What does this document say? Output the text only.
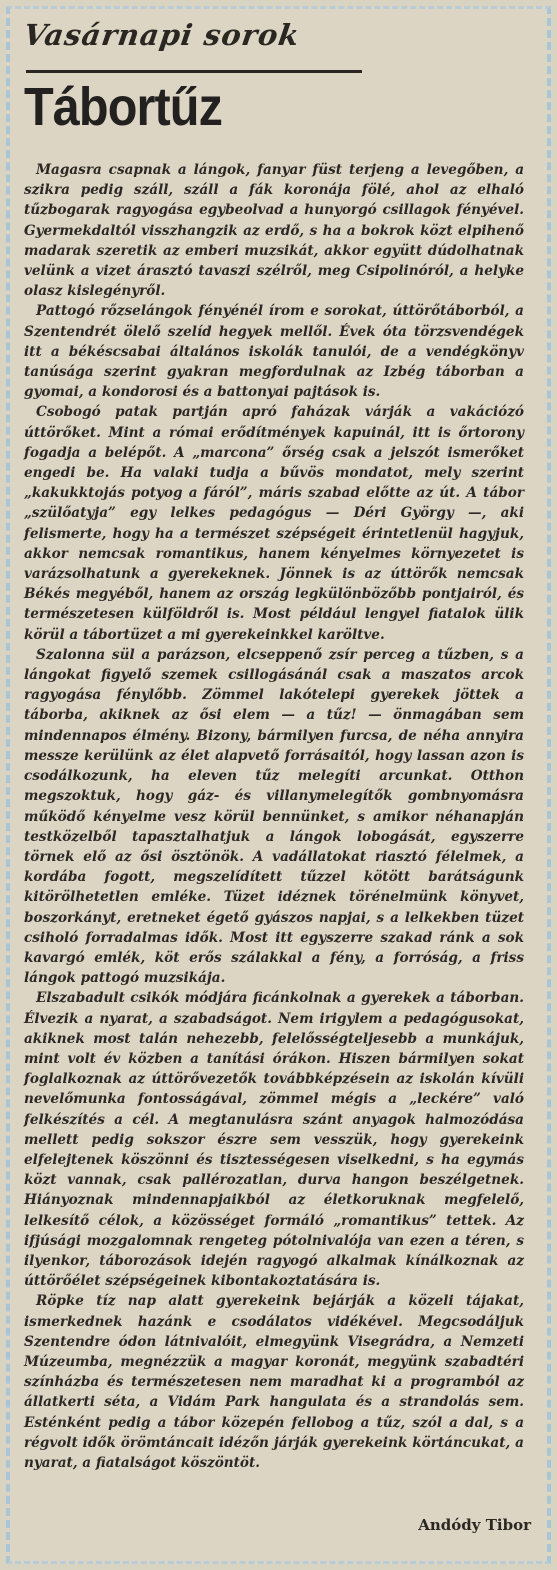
Vasárnapi sorok
Tábortűz

Magasra csapnak a lángok, fanyar füst terjeng a levegőben, a szikra pedig száll, száll a fák koronája fölé, ahol az elhaló tűzbogarak ragyogása egybeolvad a hunyorgó csillagok fényével. Gyermekdaltól visszhangzik az erdő, s ha a bokrok közt elpihenő madarak szeretik az emberi muzsikát, akkor együtt dúdolhatnak velünk a vizet árasztó tavaszi szélről, meg Csipolinóról, a helyke olasz kislegényről.

Pattogó rőzselángok fényénél írom e sorokat, úttörőtáborból, a Szentendrét ölelő szelíd hegyek mellől. Évek óta törzsvendégek itt a békéscsabai általános iskolák tanulói, de a vendégkönyv tanúsága szerint gyakran megfordulnak az Izbég táborban a gyomai, a kondorosi és a battonyai pajtások is.

Csobogó patak partján apró faházak várják a vakációzó úttörőket. Mint a római erődítmények kapuinál, itt is őrtorony fogadja a belépőt. A „marcona” őrség csak a jelszót ismerőket engedi be. Ha valaki tudja a bűvös mondatot, mely szerint „kakukktojás potyog a fáról”, máris szabad előtte az út. A tábor „szülőatyja” egy lelkes pedagógus — Déri György —, aki felismerte, hogy ha a természet szépségeit érintetlenül hagyjuk, akkor nemcsak romantikus, hanem kényelmes környezetet is varázsolhatunk a gyerekeknek. Jönnek is az úttörők nemcsak Békés megyéből, hanem az ország legkülönbözőbb pontjairól, és természetesen külföldről is. Most például lengyel fiatalok ülik körül a tábortüzet a mi gyerekeinkkel karöltve.

Szalonna sül a parázson, elcseppenő zsír perceg a tűzben, s a lángokat figyelő szemek csillogásánál csak a maszatos arcok ragyogása fénylőbb. Zömmel lakótelepi gyerekek jöttek a táborba, akiknek az ősi elem — a tűz! — önmagában sem mindennapos élmény. Bizony, bármilyen furcsa, de néha annyira messze kerülünk az élet alapvető forrásaitól, hogy lassan azon is csodálkozunk, ha eleven tűz melegíti arcunkat. Otthon megszoktuk, hogy gáz- és villanymelegítők gombnyomásra működő kényelme vesz körül bennünket, s amikor néhanapján testközelből tapasztalhatjuk a lángok lobogását, egyszerre törnek elő az ősi ösztönök. A vadállatokat riasztó félelmek, a kordába fogott, megszelídített tűzzel kötött barátságunk kitörölhetetlen emléke. Tüzet idéznek törénelmünk könyvet, boszorkányt, eretneket égető gyászos napjai, s a lelkekben tüzet csiholó forradalmas idők. Most itt egyszerre szakad ránk a sok kavargó emlék, köt erős szálakkal a fény, a forróság, a friss lángok pattogó muzsikája.

Elszabadult csikók módjára ficánkolnak a gyerekek a táborban. Élvezik a nyarat, a szabadságot. Nem irigylem a pedagógusokat, akiknek most talán nehezebb, felelősségteljesebb a munkájuk, mint volt év közben a tanítási órákon. Hiszen bármilyen sokat foglalkoznak az úttörővezetők továbbképzésein az iskolán kívüli nevelőmunka fontosságával, zömmel mégis a „leckére” való felkészítés a cél. A megtanulásra szánt anyagok halmozódása mellett pedig sokszor észre sem vesszük, hogy gyerekeink elfelejtenek köszönni és tisztességesen viselkedni, s ha egymás közt vannak, csak pallérozatlan, durva hangon beszélgetnek. Hiányoznak mindennapjaikból az életkoruknak megfelelő, lelkesítő célok, a közösséget formáló „romantikus” tettek. Az ifjúsági mozgalomnak rengeteg pótolnivalója van ezen a téren, s ilyenkor, táborozások idején ragyogó alkalmak kínálkoznak az úttörőélet szépségeinek kibontakoztatására is.

Röpke tíz nap alatt gyerekeink bejárják a közeli tájakat, ismerkednek hazánk e csodálatos vidékével. Megcsodáljuk Szentendre ódon látnivalóit, elmegyünk Visegrádra, a Nemzeti Múzeumba, megnézzük a magyar koronát, megyünk szabadtéri színházba és természetesen nem maradhat ki a programból az állatkerti séta, a Vidám Park hangulata és a strandolás sem. Esténként pedig a tábor közepén fellobog a tűz, szól a dal, s a régvolt idők örömtáncait idézőn járják gyerekeink körtáncukat, a nyarat, a fiatalságot köszöntöt.

Andódy Tibor
